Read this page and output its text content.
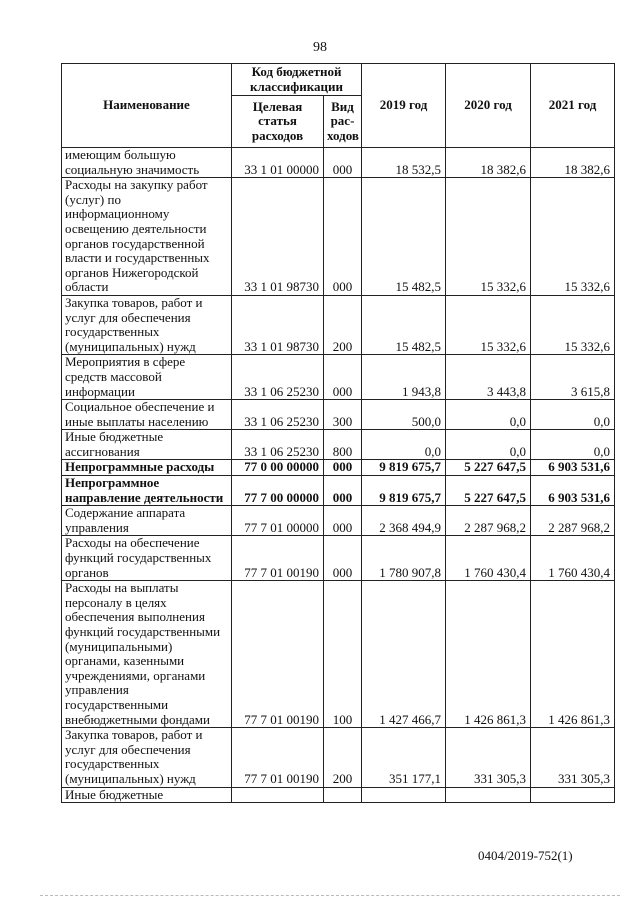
98
Наименование	Код бюджетной классификации		2019 год	2020 год	2021 год
	Целевая статья расходов	Вид рас-ходов			
имеющим большую социальную значимость	33 1 01 00000	000	18 532,5	18 382,6	18 382,6
Расходы на закупку работ (услуг) по информационному освещению деятельности органов государственной власти и государственных органов Нижегородской области	33 1 01 98730	000	15 482,5	15 332,6	15 332,6
Закупка товаров, работ и услуг для обеспечения государственных (муниципальных) нужд	33 1 01 98730	200	15 482,5	15 332,6	15 332,6
Мероприятия в сфере средств массовой информации	33 1 06 25230	000	1 943,8	3 443,8	3 615,8
Социальное обеспечение и иные выплаты населению	33 1 06 25230	300	500,0	0,0	0,0
Иные бюджетные ассигнования	33 1 06 25230	800	0,0	0,0	0,0
Непрограммные расходы	77 0 00 00000	000	9 819 675,7	5 227 647,5	6 903 531,6
Непрограммное направление деятельности	77 7 00 00000	000	9 819 675,7	5 227 647,5	6 903 531,6
Содержание аппарата управления	77 7 01 00000	000	2 368 494,9	2 287 968,2	2 287 968,2
Расходы на обеспечение функций государственных органов	77 7 01 00190	000	1 780 907,8	1 760 430,4	1 760 430,4
Расходы на выплаты персоналу в целях обеспечения выполнения функций государственными (муниципальными) органами, казенными учреждениями, органами управления государственными внебюджетными фондами	77 7 01 00190	100	1 427 466,7	1 426 861,3	1 426 861,3
Закупка товаров, работ и услуг для обеспечения государственных (муниципальных) нужд	77 7 01 00190	200	351 177,1	331 305,3	331 305,3
Иные бюджетные					
0404/2019-752(1)
